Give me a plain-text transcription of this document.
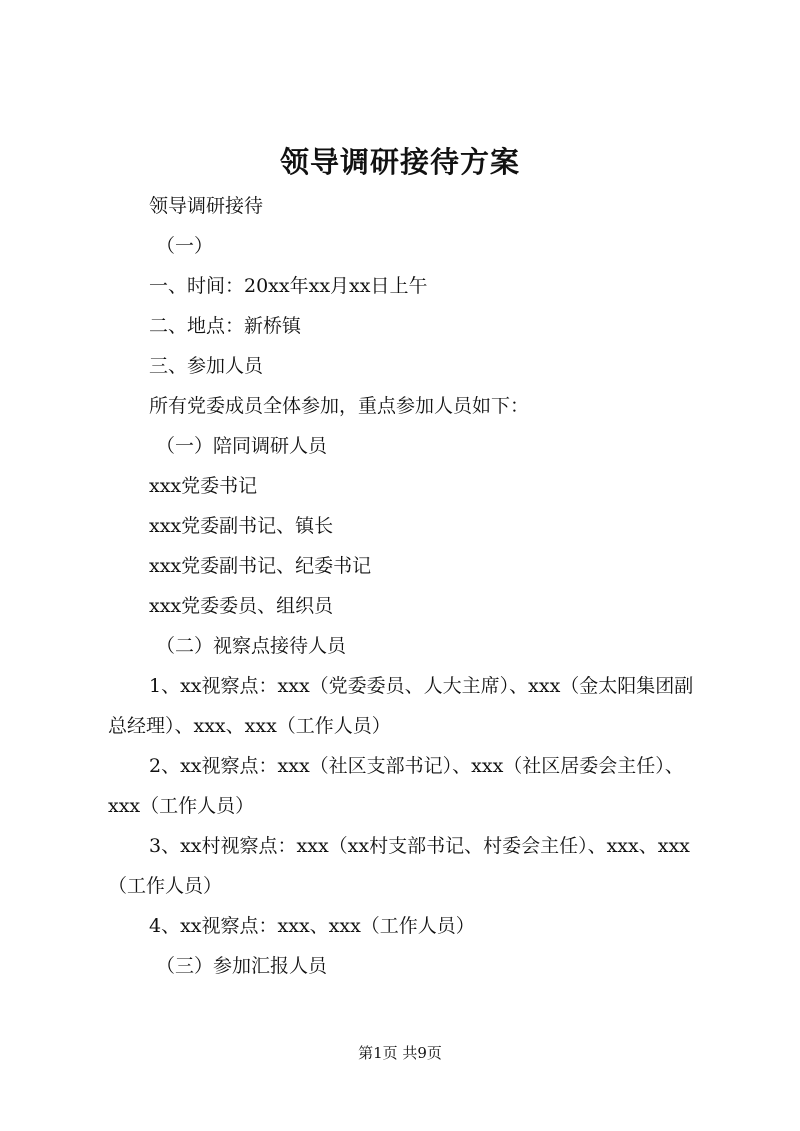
领导调研接待方案

领导调研接待

（一）

一、时间：20xx年xx月xx日上午

二、地点：新桥镇

三、参加人员

所有党委成员全体参加，重点参加人员如下：

（一）陪同调研人员

xxx党委书记

xxx党委副书记、镇长

xxx党委副书记、纪委书记

xxx党委委员、组织员

（二）视察点接待人员

1、xx视察点：xxx（党委委员、人大主席）、xxx（金太阳集团副总经理）、xxx、xxx（工作人员）

2、xx视察点：xxx（社区支部书记）、xxx（社区居委会主任）、xxx（工作人员）

3、xx村视察点：xxx（xx村支部书记、村委会主任）、xxx、xxx（工作人员）

4、xx视察点：xxx、xxx（工作人员）

（三）参加汇报人员

第1页 共9页
